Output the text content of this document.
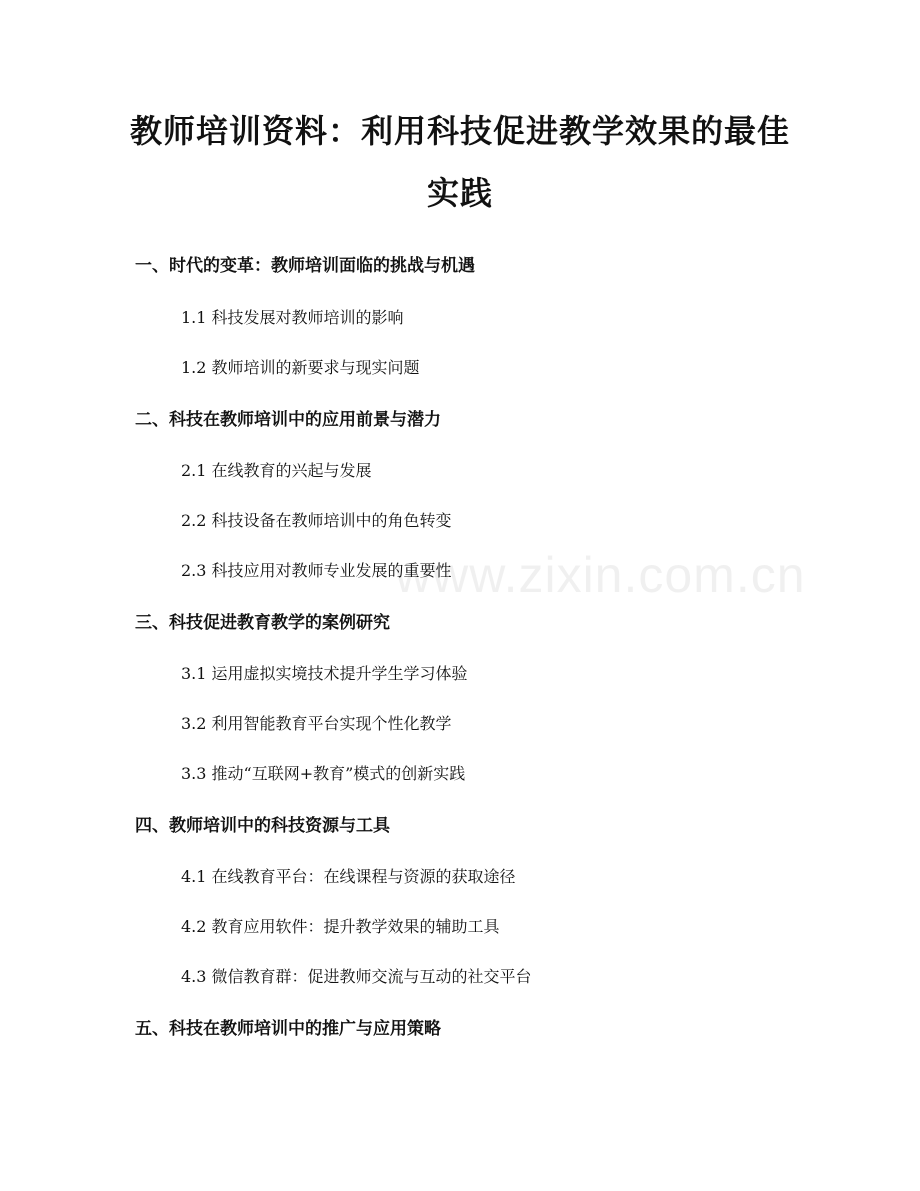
教师培训资料：利用科技促进教学效果的最佳实践
www.zixin.com.cn

一、时代的变革：教师培训面临的挑战与机遇

1.1 科技发展对教师培训的影响

1.2 教师培训的新要求与现实问题

二、科技在教师培训中的应用前景与潜力

2.1 在线教育的兴起与发展

2.2 科技设备在教师培训中的角色转变

2.3 科技应用对教师专业发展的重要性

三、科技促进教育教学的案例研究

3.1 运用虚拟实境技术提升学生学习体验

3.2 利用智能教育平台实现个性化教学

3.3 推动“互联网+教育”模式的创新实践

四、教师培训中的科技资源与工具

4.1 在线教育平台：在线课程与资源的获取途径

4.2 教育应用软件：提升教学效果的辅助工具

4.3 微信教育群：促进教师交流与互动的社交平台

五、科技在教师培训中的推广与应用策略
